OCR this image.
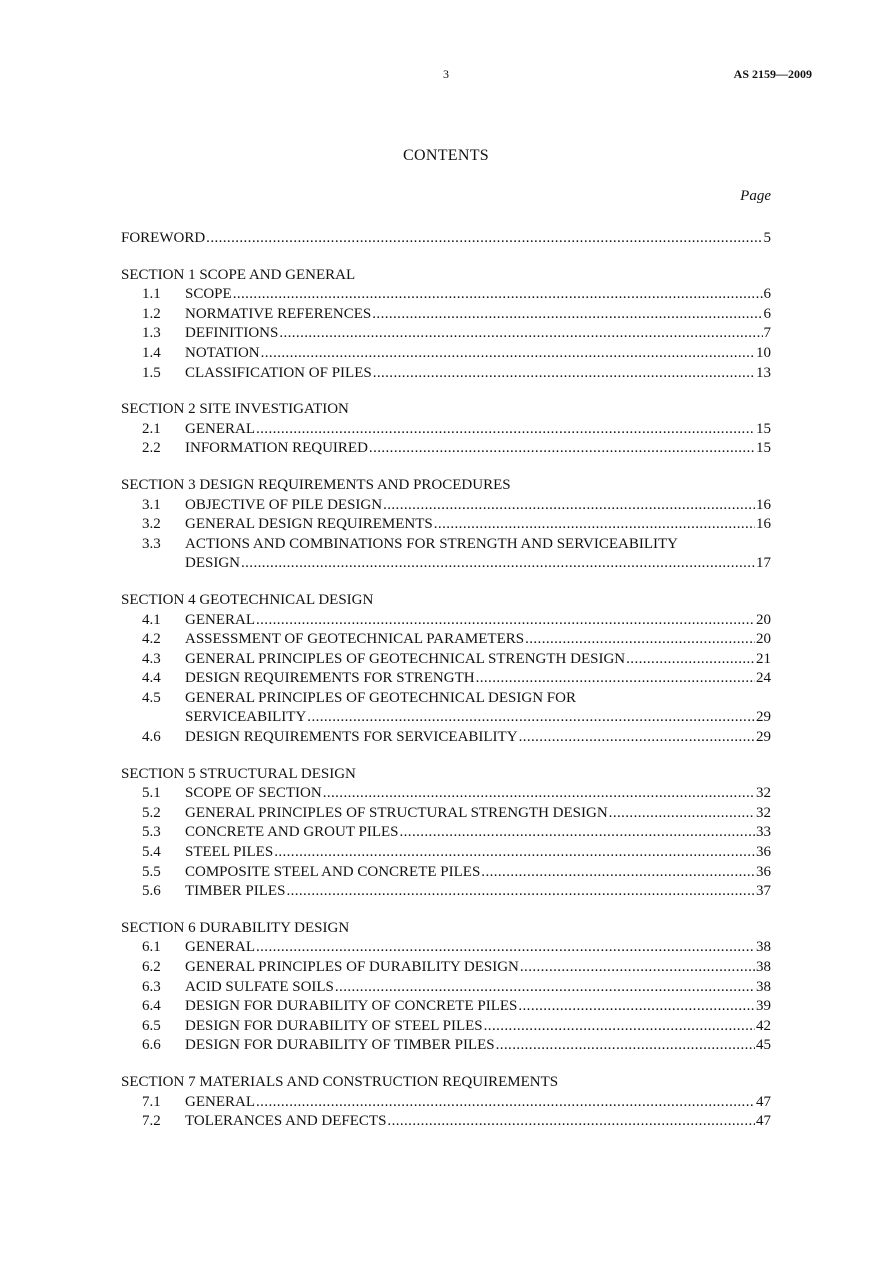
3	AS 2159—2009
CONTENTS
Page
FOREWORD .....	5
SECTION 1 SCOPE AND GENERAL
1.1	SCOPE .....	6
1.2	NORMATIVE REFERENCES .....	6
1.3	DEFINITIONS .....	7
1.4	NOTATION .....	10
1.5	CLASSIFICATION OF PILES .....	13
SECTION 2 SITE INVESTIGATION
2.1	GENERAL .....	15
2.2	INFORMATION REQUIRED .....	15
SECTION 3 DESIGN REQUIREMENTS AND PROCEDURES
3.1	OBJECTIVE OF PILE DESIGN .....	16
3.2	GENERAL DESIGN REQUIREMENTS .....	16
3.3	ACTIONS AND COMBINATIONS FOR STRENGTH AND SERVICEABILITY
DESIGN .....	17
SECTION 4 GEOTECHNICAL DESIGN
4.1	GENERAL .....	20
4.2	ASSESSMENT OF GEOTECHNICAL PARAMETERS .....	20
4.3	GENERAL PRINCIPLES OF GEOTECHNICAL STRENGTH DESIGN .....	21
4.4	DESIGN REQUIREMENTS FOR STRENGTH .....	24
4.5	GENERAL PRINCIPLES OF GEOTECHNICAL DESIGN FOR
SERVICEABILITY .....	29
4.6	DESIGN REQUIREMENTS FOR SERVICEABILITY .....	29
SECTION 5 STRUCTURAL DESIGN
5.1	SCOPE OF SECTION .....	32
5.2	GENERAL PRINCIPLES OF STRUCTURAL STRENGTH DESIGN .....	32
5.3	CONCRETE AND GROUT PILES .....	33
5.4	STEEL PILES .....	36
5.5	COMPOSITE STEEL AND CONCRETE PILES .....	36
5.6	TIMBER PILES .....	37
SECTION 6 DURABILITY DESIGN
6.1	GENERAL .....	38
6.2	GENERAL PRINCIPLES OF DURABILITY DESIGN .....	38
6.3	ACID SULFATE SOILS .....	38
6.4	DESIGN FOR DURABILITY OF CONCRETE PILES .....	39
6.5	DESIGN FOR DURABILITY OF STEEL PILES .....	42
6.6	DESIGN FOR DURABILITY OF TIMBER PILES .....	45
SECTION 7 MATERIALS AND CONSTRUCTION REQUIREMENTS
7.1	GENERAL .....	47
7.2	TOLERANCES AND DEFECTS .....	47
